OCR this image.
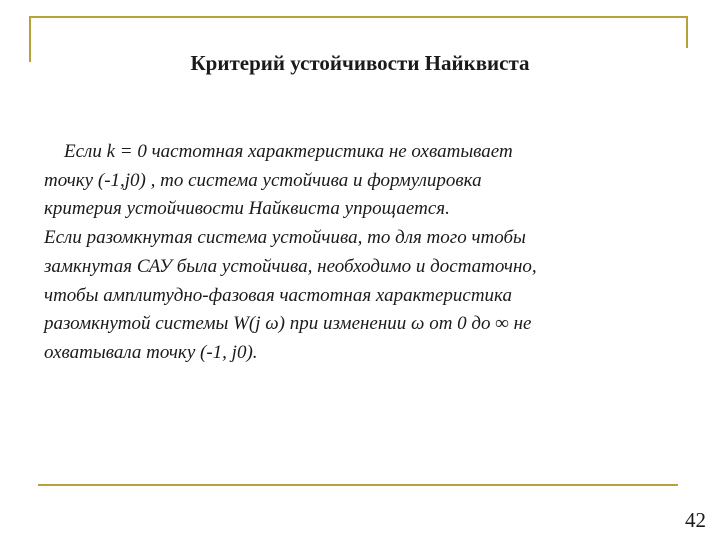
Критерий устойчивости Найквиста
Если k = 0 частотная характеристика не охватывает
точку (-1,j0) , то система устойчива и формулировка
критерия устойчивости Найквиста упрощается.
Если разомкнутая система устойчива, то для того чтобы
замкнутая САУ была устойчива, необходимо и достаточно,
чтобы амплитудно-фазовая частотная характеристика
разомкнутой системы W(j ω) при изменении ω от 0 до ∞ не
охватывала точку (-1, j0).
42
